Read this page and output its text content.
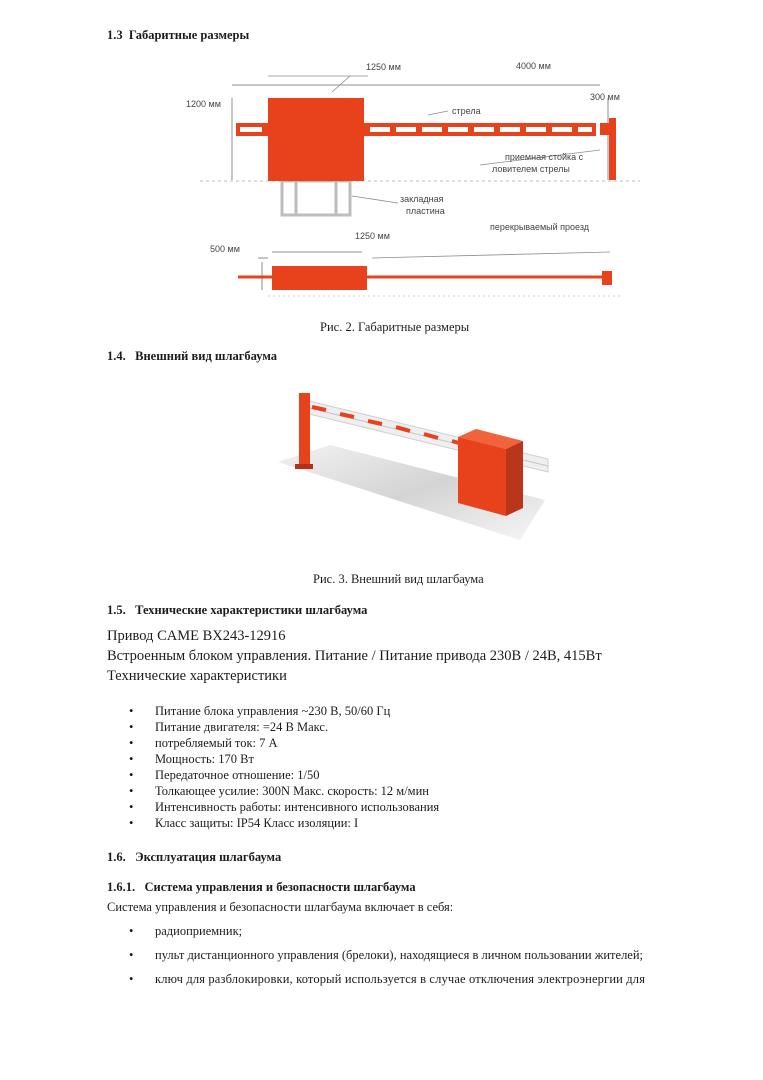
1.3 Габаритные размеры
1250 мм	4000 мм
1200 мм
300 мм
стрела
приемная стойка с
ловителем стрелы
закладная
пластина
500 мм
1250 мм
перекрываемый проезд
Рис. 2. Габаритные размеры
1.4. Внешний вид шлагбаума
Рис. 3. Внешний вид шлагбаума
1.5. Технические характеристики шлагбаума
Привод CAME BX243-12916
Встроенным блоком управления. Питание / Питание привода 230В / 24В, 415Вт
Технические характеристики
• Питание блока управления ~230 В, 50/60 Гц
• Питание двигателя: =24 В Макс.
• потребляемый ток: 7 А
• Мощность: 170 Вт
• Передаточное отношение: 1/50
• Толкающее усилие: 300N Макс. скорость: 12 м/мин
• Интенсивность работы: интенсивного использования
• Класс защиты: IP54 Класс изоляции: I
1.6. Эксплуатация шлагбаума
1.6.1. Система управления и безопасности шлагбаума
Система управления и безопасности шлагбаума включает в себя:
• радиоприемник;
• пульт дистанционного управления (брелоки), находящиеся в личном пользовании жителей;
• ключ для разблокировки, который используется в случае отключения электроэнергии для
